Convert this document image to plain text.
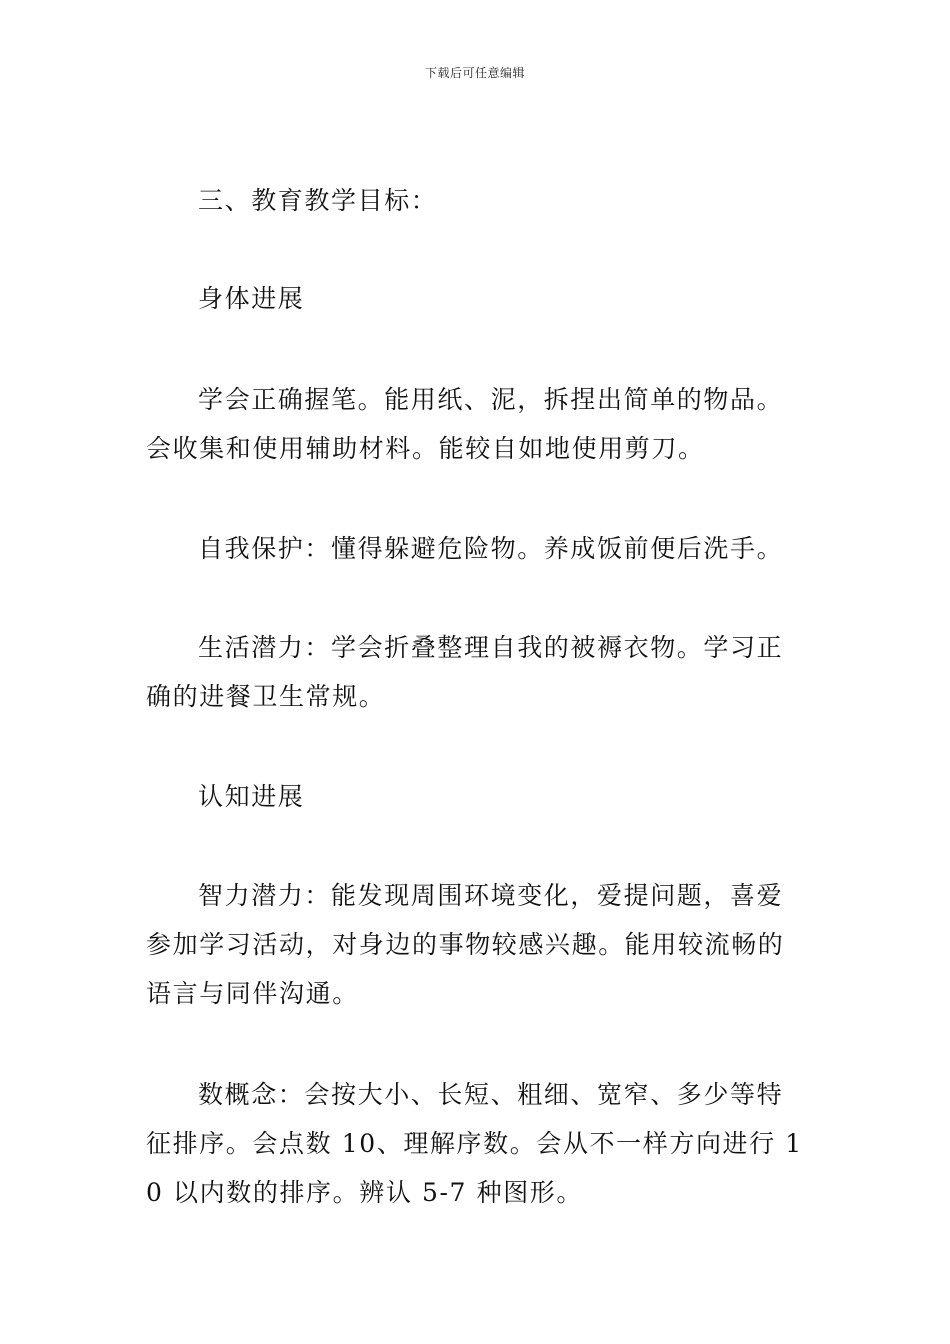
下载后可任意编辑

三、教育教学目标：

身体进展

学会正确握笔。能用纸、泥，拆捏出简单的物品。会收集和使用辅助材料。能较自如地使用剪刀。

自我保护：懂得躲避危险物。养成饭前便后洗手。

生活潜力：学会折叠整理自我的被褥衣物。学习正确的进餐卫生常规。

认知进展

智力潜力：能发现周围环境变化，爱提问题，喜爱参加学习活动，对身边的事物较感兴趣。能用较流畅的语言与同伴沟通。

数概念：会按大小、长短、粗细、宽窄、多少等特征排序。会点数 10、理解序数。会从不一样方向进行 10 以内数的排序。辨认 5-7 种图形。
